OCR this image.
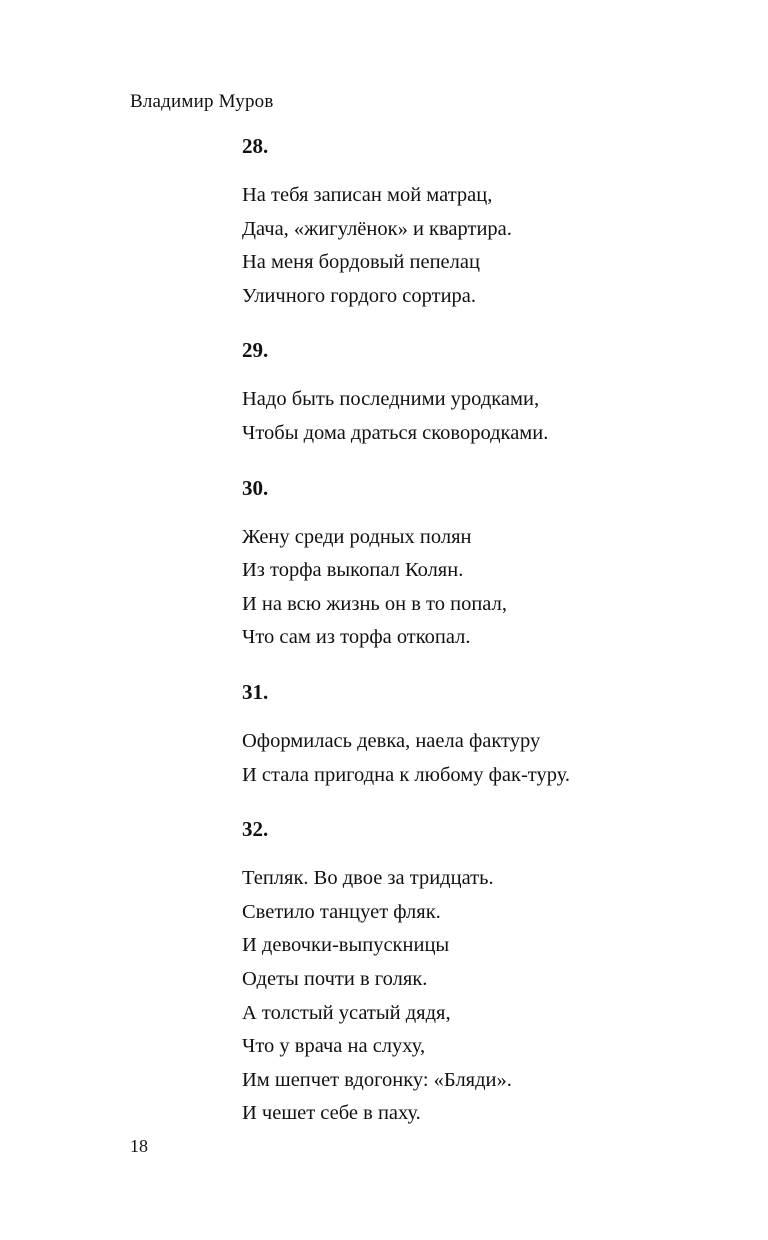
Владимир Муров

28.

На тебя записан мой матрац,
Дача, «жигулёнок» и квартира.
На меня бордовый пепелац
Уличного гордого сортира.

29.

Надо быть последними уродками,
Чтобы дома драться сковородками.

30.

Жену среди родных полян
Из торфа выкопал Колян.
И на всю жизнь он в то попал,
Что сам из торфа откопал.

31.

Оформилась девка, наела фактуру
И стала пригодна к любому фак-туру.

32.

Тепляк. Во двое за тридцать.
Светило танцует фляк.
И девочки-выпускницы
Одеты почти в голяк.
А толстый усатый дядя,
Что у врача на слуху,
Им шепчет вдогонку: «Бляди».
И чешет себе в паху.
18
